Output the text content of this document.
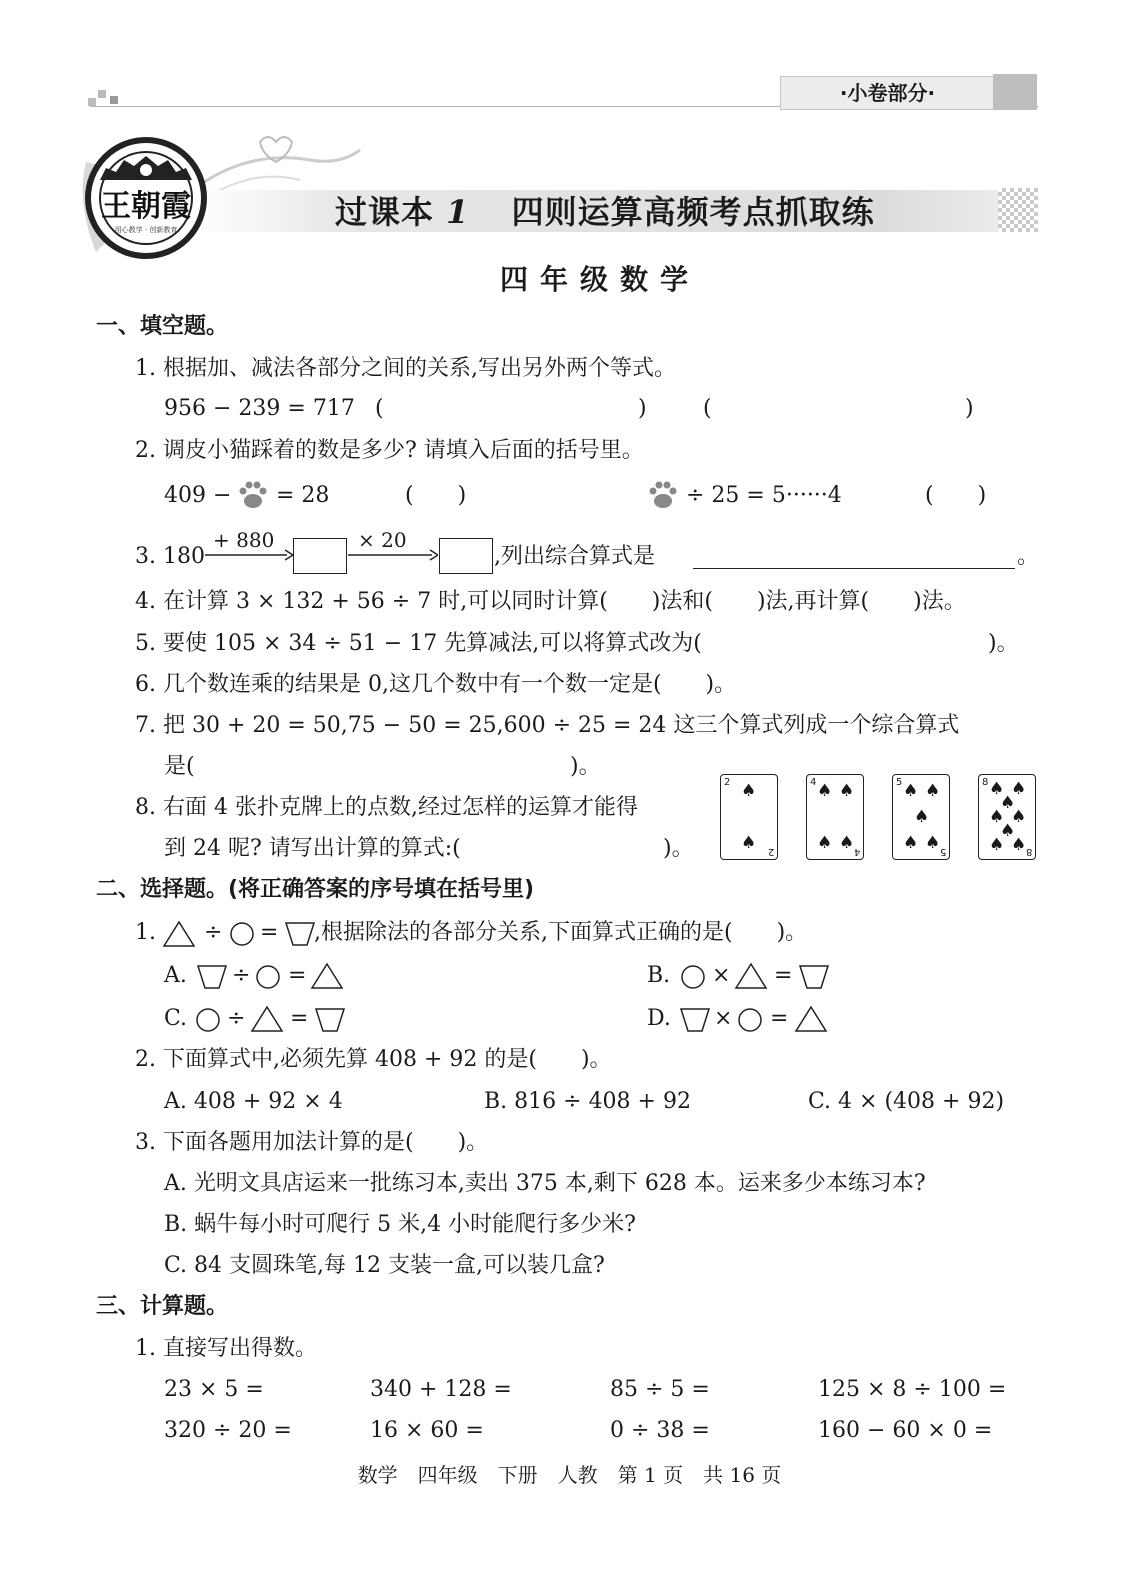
·小卷部分·
过课本 1 四则运算高频考点抓取练
王朝霞
用心教学 · 创新教育
四年级数学
一、填空题。
1. 根据加、减法各部分之间的关系,写出另外两个等式。
956 − 239 = 717 (	)	(	)
2. 调皮小猫踩着的数是多少? 请填入后面的括号里。
409 − = 28	(　　)	÷ 25 = 5······4	(　　)
3. 180
+ 880	× 20
,列出综合算式是	。
4. 在计算 3 × 132 + 56 ÷ 7 时,可以同时计算(　　)法和(　　)法,再计算(　　)法。
5. 要使 105 × 34 ÷ 51 − 17 先算减法,可以将算式改为(	)。
6. 几个数连乘的结果是 0,这几个数中有一个数一定是(　　)。
7. 把 30 + 20 = 50,75 − 50 = 25,600 ÷ 25 = 24 这三个算式列成一个综合算式
是(	)。
8. 右面 4 张扑克牌上的点数,经过怎样的运算才能得
到 24 呢? 请写出计算的算式:(	)。
2
2
♠
♠
4
4
♠ ♠
♠ ♠
5
5
♠ ♠
♠
♠ ♠
8
8
♠ ♠
♠
♠ ♠
♠
♠ ♠
二、选择题。(将正确答案的序号填在括号里)
1. ÷ = ,根据除法的各部分关系,下面算式正确的是(　　)。
A. ÷ =	B. × =
C. ÷ =	D. × =
2. 下面算式中,必须先算 408 + 92 的是(　　)。
A. 408 + 92 × 4	B. 816 ÷ 408 + 92	C. 4 × (408 + 92)
3. 下面各题用加法计算的是(　　)。
A. 光明文具店运来一批练习本,卖出 375 本,剩下 628 本。运来多少本练习本?
B. 蜗牛每小时可爬行 5 米,4 小时能爬行多少米?
C. 84 支圆珠笔,每 12 支装一盒,可以装几盒?
三、计算题。
1. 直接写出得数。
23 × 5 =	340 + 128 =	85 ÷ 5 =	125 × 8 ÷ 100 =
320 ÷ 20 =	16 × 60 =	0 ÷ 38 =	160 − 60 × 0 =
数学　四年级　下册　人教　第 1 页　共 16 页
